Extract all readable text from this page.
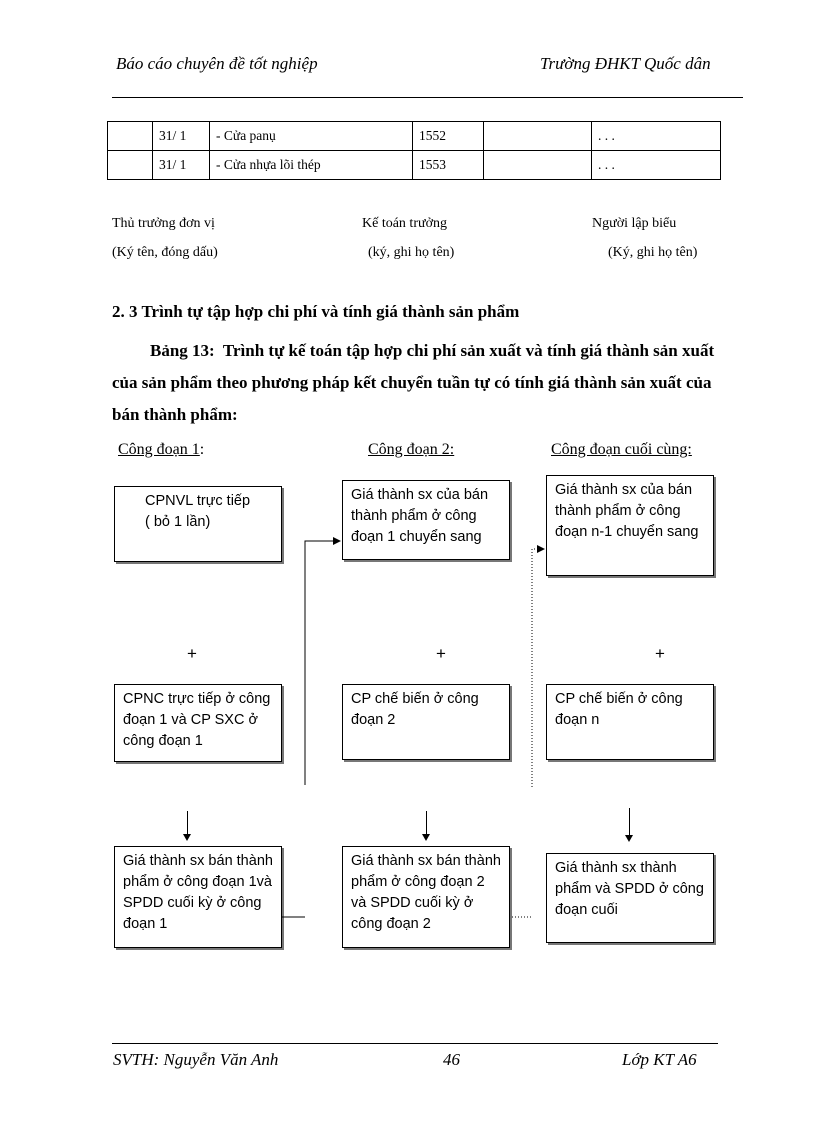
Báo cáo chuyên đề tốt nghiệp	Trường ĐHKT Quốc dân
	31/ 1	- Cửa panụ	1552		. . .
	31/ 1	- Cửa nhựa lõi thép	1553		. . .
Thủ trưởng đơn vị
(Ký tên, đóng dấu)
Kế toán trưởng
(ký, ghi họ tên)
Người lập biểu
(Ký, ghi họ tên)
2. 3 Trình tự tập hợp chi phí và tính giá thành sản phẩm
Bảng 13: Trình tự kế toán tập hợp chi phí sản xuất và tính giá thành sản xuất của sản phẩm theo phương pháp kết chuyển tuần tự có tính giá thành sản xuất của bán thành phẩm:
Công đoạn 1:	Công đoạn 2:	Công đoạn cuối cùng:
CPNVL trực tiếp
( bỏ 1 lần)
CPNC trực tiếp ở công đoạn 1 và CP SXC ở công đoạn 1
Giá thành sx bán thành phẩm ở công đoạn 1và SPDD cuối kỳ ở công đoạn 1
Giá thành sx của bán thành phẩm ở công đoạn 1 chuyển sang
CP chế biến ở công đoạn 2
Giá thành sx bán thành phẩm ở công đoạn 2 và SPDD cuối kỳ ở công đoạn 2
Giá thành sx của bán thành phẩm ở công đoạn n-1 chuyển sang
CP chế biến ở công đoạn n
Giá thành sx thành phẩm và SPDD ở công đoạn cuối
+	+	+
SVTH: Nguyễn Văn Anh	46	Lớp KT A6
